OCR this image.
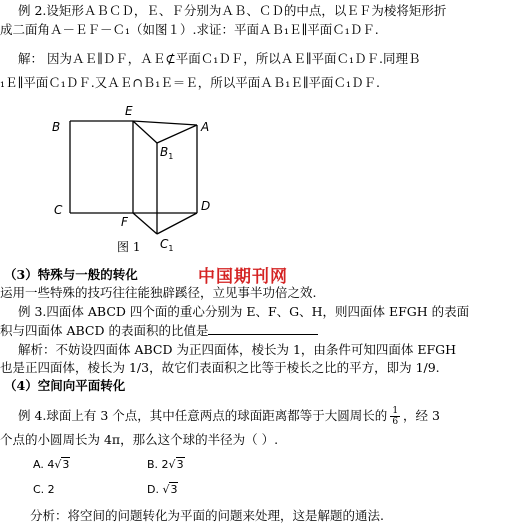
例 2.设矩形ＡＢＣＤ，Ｅ、Ｆ分别为ＡＢ、ＣＤ的中点，以ＥＦ为棱将矩形折
成二面角Ａ－ＥＦ－Ｃ₁（如图１）.求证：平面ＡＢ₁Ｅ∥平面Ｃ₁ＤＦ.
解： 因为ＡＥ∥ＤＦ，ＡＥ⊄平面Ｃ₁ＤＦ，所以ＡＥ∥平面Ｃ₁ＤＦ.同理Ｂ
₁Ｅ∥平面Ｃ₁ＤＦ.又ＡＥ∩Ｂ₁Ｅ＝Ｅ，所以平面ＡＢ₁Ｅ∥平面Ｃ₁ＤＦ.
B
E
A
$B_1$
C
F
D
$C_1$
图 1
中国期刊网
（3）特殊与一般的转化
运用一些特殊的技巧往往能独辟蹊径，立见事半功倍之效.
例 3.四面体 ABCD 四个面的重心分别为 E、F、G、H，则四面体 EFGH 的表面
积与四面体 ABCD 的表面积的比值是
解析：不妨设四面体 ABCD 为正四面体，棱长为 1，由条件可知四面体 EFGH
也是正四面体，棱长为 1/3，故它们表面积之比等于棱长之比的平方，即为 1/9.
（4）空间向平面转化
例 4.球面上有 3 个点，其中任意两点的球面距离都等于大圆周长的 $\frac{1}{6}$ ，经 3
个点的小圆周长为 4π，那么这个球的半径为（ ）.
A. 4√3	B. 2√3
C. 2	D. √3
分析：将空间的问题转化为平面的问题来处理，这是解题的通法.
